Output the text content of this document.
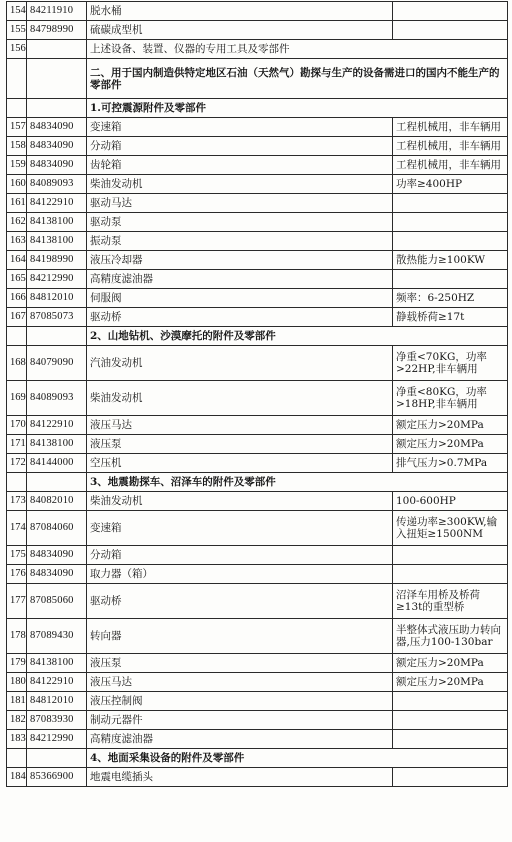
154	84211910	脱水桶	
155	84798990	硫碳成型机	
156		上述设备、装置、仪器的专用工具及零部件	
		二、用于国内制造供特定地区石油（天然气）勘探与生产的设备需进口的国内不能生产的零部件	
		1.可控震源附件及零部件	
157	84834090	变速箱	工程机械用，非车辆用
158	84834090	分动箱	工程机械用，非车辆用
159	84834090	齿轮箱	工程机械用，非车辆用
160	84089093	柴油发动机	功率≥400HP
161	84122910	驱动马达	
162	84138100	驱动泵	
163	84138100	振动泵	
164	84198990	液压冷却器	散热能力≥100KW
165	84212990	高精度滤油器	
166	84812010	伺服阀	频率：6-250HZ
167	87085073	驱动桥	静载桥荷≥17t
		2、山地钻机、沙漠摩托的附件及零部件	
168	84079090	汽油发动机	净重<70KG，功率>22HP,非车辆用
169	84089093	柴油发动机	净重<80KG，功率>18HP,非车辆用
170	84122910	液压马达	额定压力>20MPa
171	84138100	液压泵	额定压力>20MPa
172	84144000	空压机	排气压力>0.7MPa
		3、地震勘探车、沼泽车的附件及零部件	
173	84082010	柴油发动机	100-600HP
174	87084060	变速箱	传递功率≥300KW,输入扭矩≥1500NM
175	84834090	分动箱	
176	84834090	取力器（箱）	
177	87085060	驱动桥	沼泽车用桥及桥荷≥13t的重型桥
178	87089430	转向器	半整体式液压助力转向器,压力100-130bar
179	84138100	液压泵	额定压力>20MPa
180	84122910	液压马达	额定压力>20MPa
181	84812010	液压控制阀	
182	87083930	制动元器件	
183	84212990	高精度滤油器	
		4、地面采集设备的附件及零部件	
184	85366900	地震电缆插头	
